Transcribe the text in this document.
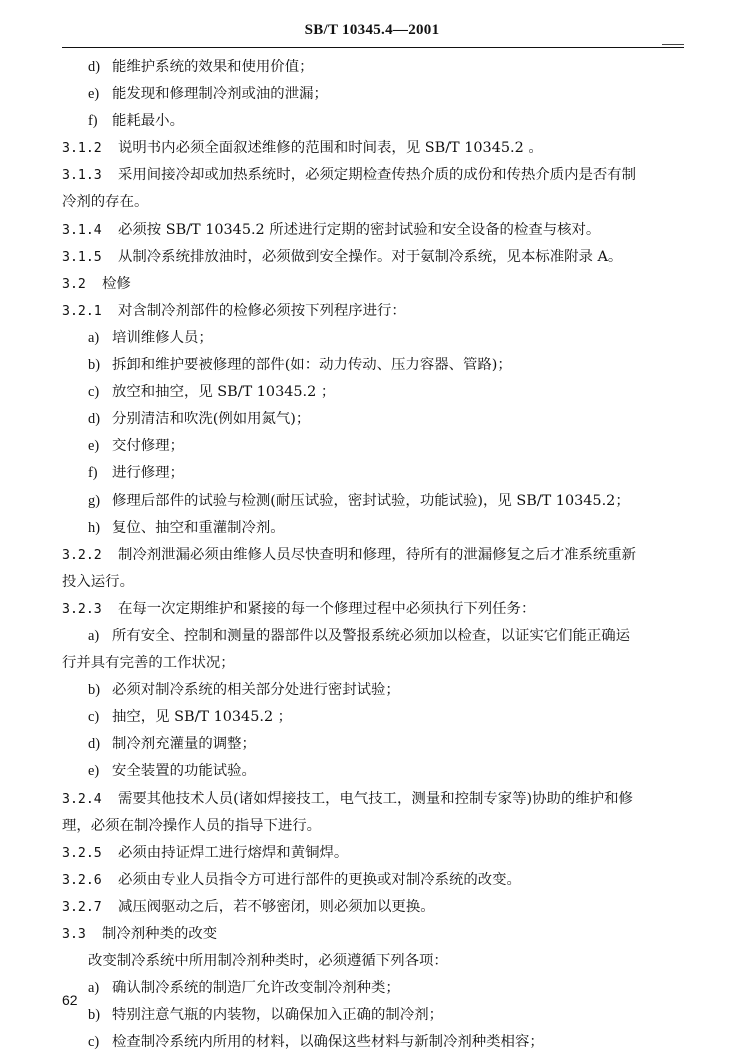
SB/T 10345.4—2001
d) 能维护系统的效果和使用价值；
e) 能发现和修理制冷剂或油的泄漏；
f) 能耗最小。
3.1.2 说明书内必须全面叙述维修的范围和时间表，见 SB/T 10345.2 。
3.1.3 采用间接冷却或加热系统时，必须定期检查传热介质的成份和传热介质内是否有制
冷剂的存在。
3.1.4 必须按 SB/T 10345.2 所述进行定期的密封试验和安全设备的检查与核对。
3.1.5 从制冷系统排放油时，必须做到安全操作。对于氨制冷系统，见本标准附录 A。
3.2 检修
3.2.1 对含制冷剂部件的检修必须按下列程序进行：
a) 培训维修人员；
b) 拆卸和维护要被修理的部件(如：动力传动、压力容器、管路)；
c) 放空和抽空，见 SB/T 10345.2 ；
d) 分别清洁和吹洗(例如用氮气)；
e) 交付修理；
f) 进行修理；
g) 修理后部件的试验与检测(耐压试验，密封试验，功能试验)，见 SB/T 10345.2；
h) 复位、抽空和重灌制冷剂。
3.2.2 制冷剂泄漏必须由维修人员尽快查明和修理，待所有的泄漏修复之后才准系统重新
投入运行。
3.2.3 在每一次定期维护和紧接的每一个修理过程中必须执行下列任务：
a) 所有安全、控制和测量的器部件以及警报系统必须加以检查，以证实它们能正确运
行并具有完善的工作状况；
b) 必须对制冷系统的相关部分处进行密封试验；
c) 抽空，见 SB/T 10345.2 ；
d) 制冷剂充灌量的调整；
e) 安全装置的功能试验。
3.2.4 需要其他技术人员(诸如焊接技工，电气技工，测量和控制专家等)协助的维护和修
理，必须在制冷操作人员的指导下进行。
3.2.5 必须由持证焊工进行熔焊和黄铜焊。
3.2.6 必须由专业人员指令方可进行部件的更换或对制冷系统的改变。
3.2.7 减压阀驱动之后，若不够密闭，则必须加以更换。
3.3 制冷剂种类的改变
改变制冷系统中所用制冷剂种类时，必须遵循下列各项：
a) 确认制冷系统的制造厂允许改变制冷剂种类；
b) 特别注意气瓶的内装物，以确保加入正确的制冷剂；
c) 检查制冷系统内所用的材料，以确保这些材料与新制冷剂种类相容；
62
